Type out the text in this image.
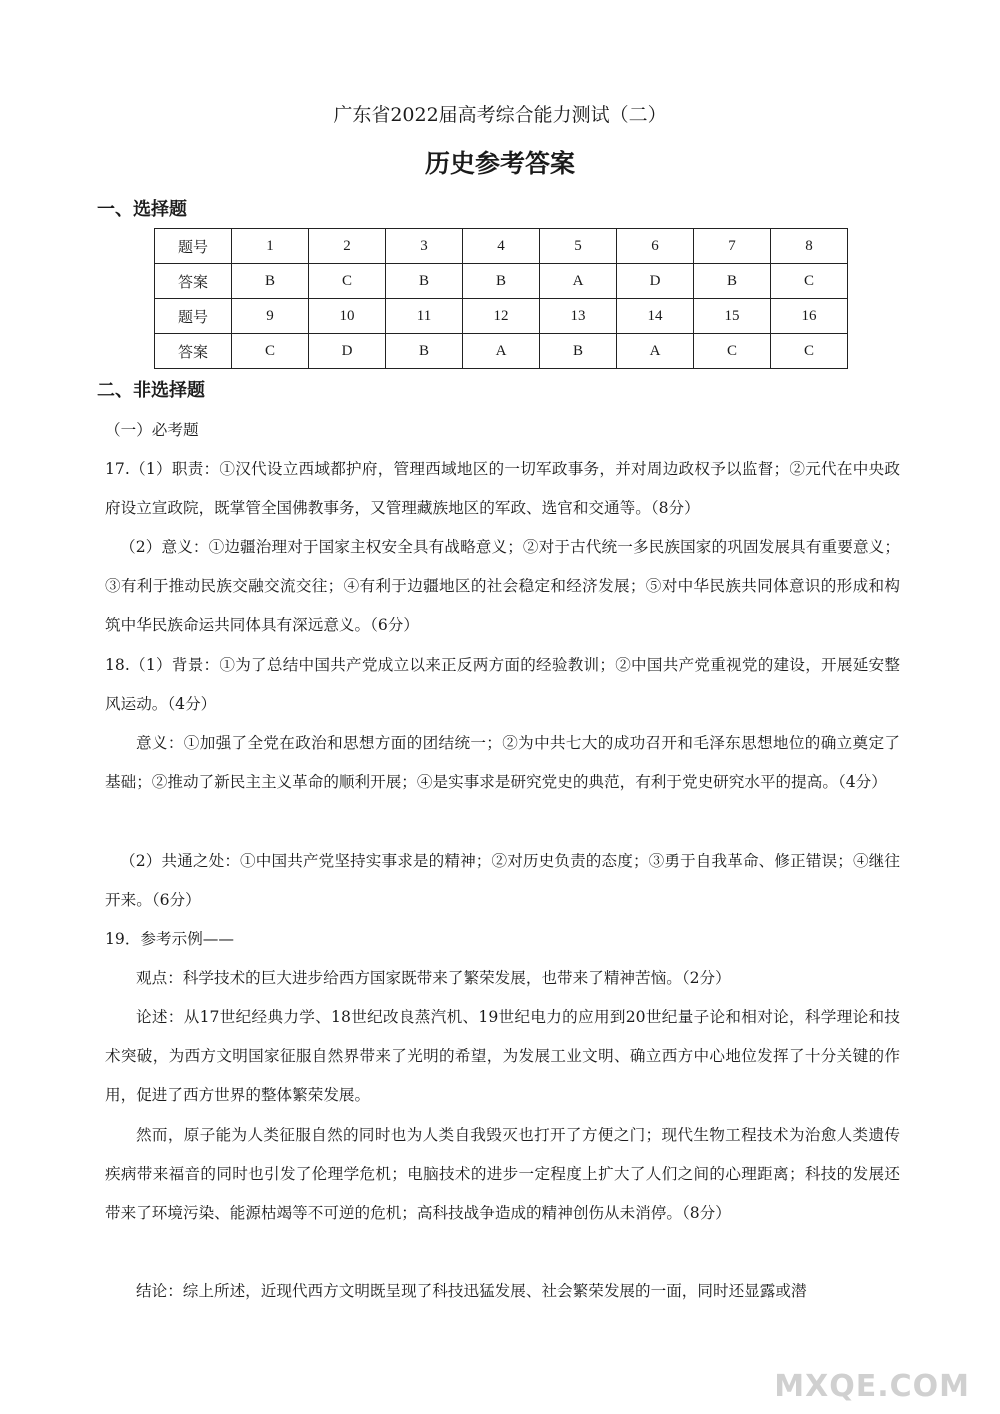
广东省2022届高考综合能力测试（二）
历史参考答案
一、选择题
题号	1	2	3	4	5	6	7	8
答案	B	C	B	B	A	D	B	C
题号	9	10	11	12	13	14	15	16
答案	C	D	B	A	B	A	C	C
二、非选择题

（一）必考题

17.（1）职责：①汉代设立西域都护府，管理西域地区的一切军政事务，并对周边政权予以监督；②元代在中央政府设立宣政院，既掌管全国佛教事务，又管理藏族地区的军政、选官和交通等。（8分）

（2）意义：①边疆治理对于国家主权安全具有战略意义；②对于古代统一多民族国家的巩固发展具有重要意义；③有利于推动民族交融交流交往；④有利于边疆地区的社会稳定和经济发展；⑤对中华民族共同体意识的形成和构筑中华民族命运共同体具有深远意义。（6分）

18.（1）背景：①为了总结中国共产党成立以来正反两方面的经验教训；②中国共产党重视党的建设，开展延安整风运动。（4分）

意义：①加强了全党在政治和思想方面的团结统一；②为中共七大的成功召开和毛泽东思想地位的确立奠定了基础；②推动了新民主主义革命的顺利开展；④是实事求是研究党史的典范，有利于党史研究水平的提高。（4分）

（2）共通之处：①中国共产党坚持实事求是的精神；②对历史负责的态度；③勇于自我革命、修正错误；④继往开来。（6分）

19．参考示例——

观点：科学技术的巨大进步给西方国家既带来了繁荣发展，也带来了精神苦恼。（2分）

论述：从17世纪经典力学、18世纪改良蒸汽机、19世纪电力的应用到20世纪量子论和相对论，科学理论和技术突破，为西方文明国家征服自然界带来了光明的希望，为发展工业文明、确立西方中心地位发挥了十分关键的作用，促进了西方世界的整体繁荣发展。

然而，原子能为人类征服自然的同时也为人类自我毁灭也打开了方便之门；现代生物工程技术为治愈人类遗传疾病带来福音的同时也引发了伦理学危机；电脑技术的进步一定程度上扩大了人们之间的心理距离；科技的发展还带来了环境污染、能源枯竭等不可逆的危机；高科技战争造成的精神创伤从未消停。（8分）

结论：综上所述，近现代西方文明既呈现了科技迅猛发展、社会繁荣发展的一面，同时还显露或潜

MXQE.COM
